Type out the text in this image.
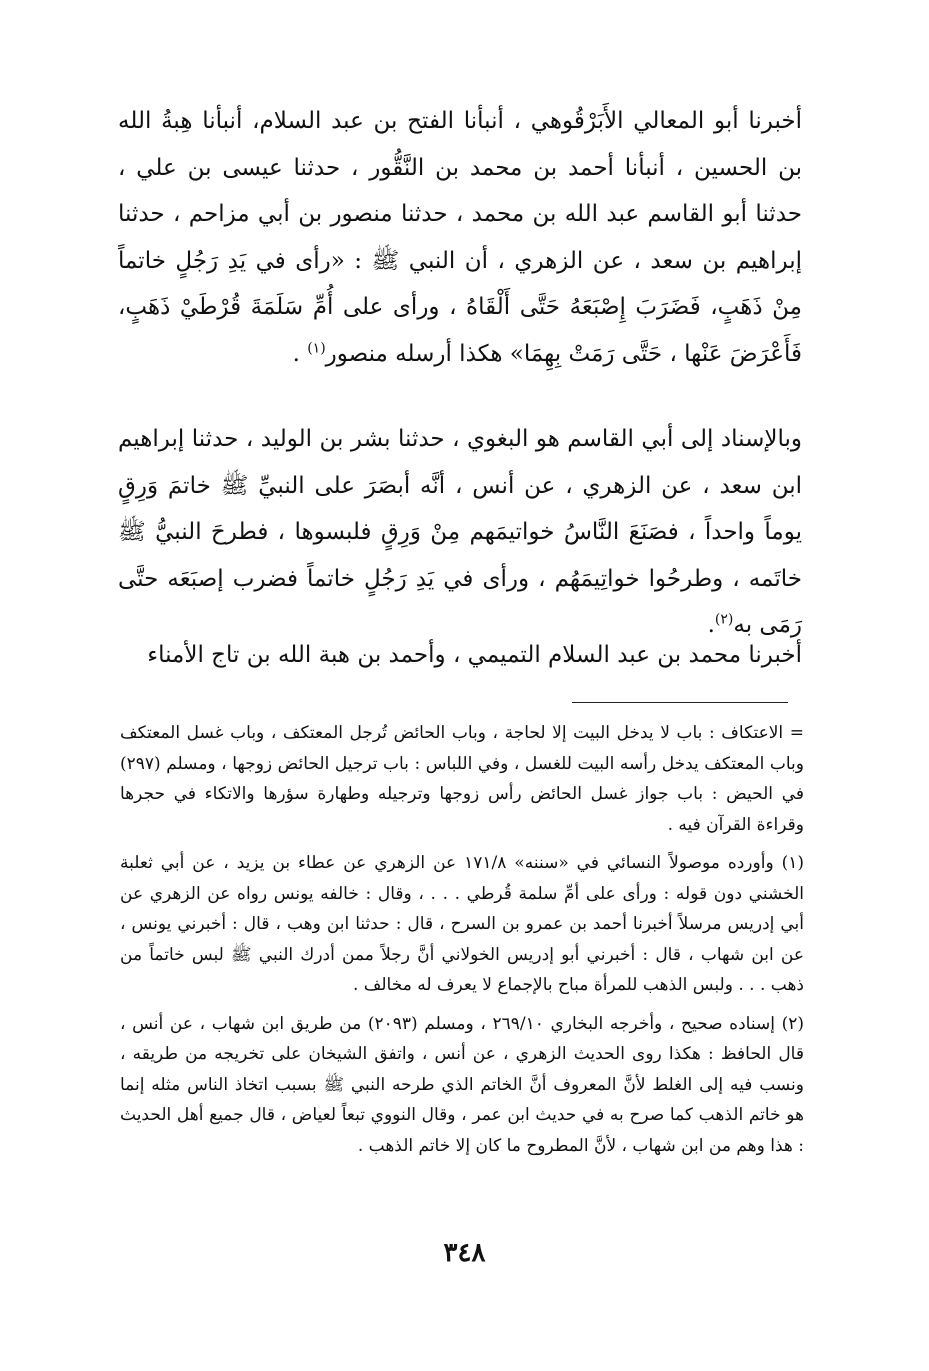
أخبرنا أبو المعالي الأَبَرْقُوهي ، أنبأنا الفتح بن عبد السلام، أنبأنا هِبةُ الله بن الحسين ، أنبأنا أحمد بن محمد بن النَّقُّور ، حدثنا عيسى بن علي ، حدثنا أبو القاسم عبد الله بن محمد ، حدثنا منصور بن أبي مزاحم ، حدثنا إبراهيم بن سعد ، عن الزهري ، أن النبي ﷺ : «رأى في يَدِ رَجُلٍ خاتماً مِنْ ذَهَبٍ، فَضَرَبَ إِصْبَعَهُ حَتَّى أَلْقَاهُ ، ورأى على أُمِّ سَلَمَةَ قُرْطَيْ ذَهَبٍ، فَأَعْرَضَ عَنْها ، حَتَّى رَمَتْ بِهِمَا» هكذا أرسله منصور$^{(١)}$ .

وبالإسناد إلى أبي القاسم هو البغوي ، حدثنا بشر بن الوليد ، حدثنا إبراهيم ابن سعد ، عن الزهري ، عن أنس ، أنَّه أبصَرَ على النبيِّ ﷺ خاتمَ وَرِقٍ يوماً واحداً ، فصَنَعَ النَّاسُ خواتيمَهم مِنْ وَرِقٍ فلبسوها ، فطرحَ النبيُّ ﷺ خاتَمه ، وطرحُوا خواتِيمَهُم ، ورأى في يَدِ رَجُلٍ خاتماً فضرب إصبَعَه حتَّى رَمَى به$^{(٢)}$.

أخبرنا محمد بن عبد السلام التميمي ، وأحمد بن هبة الله بن تاج الأمناء

= الاعتكاف : باب لا يدخل البيت إلا لحاجة ، وباب الحائض تُرجل المعتكف ، وباب غسل المعتكف وباب المعتكف يدخل رأسه البيت للغسل ، وفي اللباس : باب ترجيل الحائض زوجها ، ومسلم (٢٩٧) في الحيض : باب جواز غسل الحائض رأس زوجها وترجيله وطهارة سؤرها والاتكاء في حجرها وقراءة القرآن فيه .

(١) وأورده موصولاً النسائي في «سننه» ١٧١/٨ عن الزهري عن عطاء بن يزيد ، عن أبي ثعلبة الخشني دون قوله : ورأى على أمِّ سلمة قُرطي . . . ، وقال : خالفه يونس رواه عن الزهري عن أبي إدريس مرسلاً أخبرنا أحمد بن عمرو بن السرح ، قال : حدثنا ابن وهب ، قال : أخبرني يونس ، عن ابن شهاب ، قال : أخبرني أبو إدريس الخولاني أنَّ رجلاً ممن أدرك النبي ﷺ لبس خاتماً من ذهب . . . ولبس الذهب للمرأة مباح بالإجماع لا يعرف له مخالف .

(٢) إسناده صحيح ، وأخرجه البخاري ٢٦٩/١٠ ، ومسلم (٢٠٩٣) من طريق ابن شهاب ، عن أنس ، قال الحافظ : هكذا روى الحديث الزهري ، عن أنس ، واتفق الشيخان على تخريجه من طريقه ، ونسب فيه إلى الغلط لأنَّ المعروف أنَّ الخاتم الذي طرحه النبي ﷺ بسبب اتخاذ الناس مثله إنما هو خاتم الذهب كما صرح به في حديث ابن عمر ، وقال النووي تبعاً لعياض ، قال جميع أهل الحديث : هذا وهم من ابن شهاب ، لأنَّ المطروح ما كان إلا خاتم الذهب .

٣٤٨
